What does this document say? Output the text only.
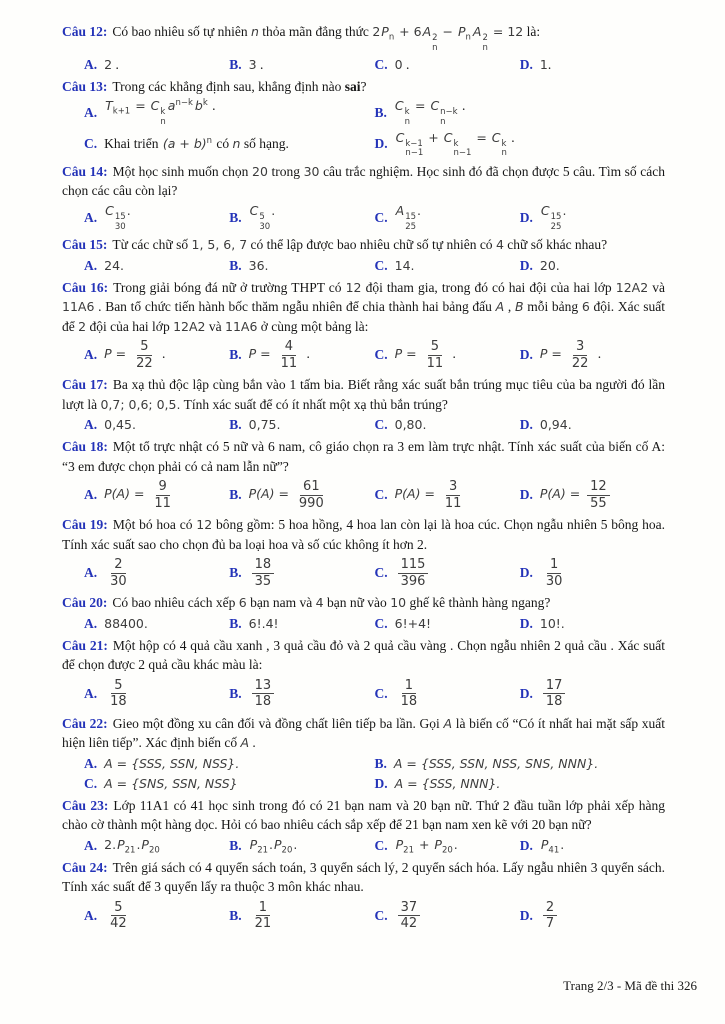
Câu 12: Có bao nhiêu số tự nhiên n thỏa mãn đẳng thức $2P_n + 6A$ 2
n
− $P_n$ A 2
n
= 12 là:
A. 2 .	B. 3 .	C. 0 .	D. 1.
Câu 13: Trong các khẳng định sau, khẳng định nào sai?
A. $T_{k+1} = C$ k
n
$a^{n-k}$ $b^k$ .	B. C k
n
= C n−k
n
.
C. Khai triển $(a + b)^n$ có n số hạng.	D. C k−1
n−1
+ C k
n−1
= C k
n
.
Câu 14: Một học sinh muốn chọn 20 trong 30 câu trắc nghiệm. Học sinh đó đã chọn được 5 câu. Tìm số cách chọn các câu còn lại?
A. C 15
30
.	B. C 5
30
.	C. A 15
25
.	D. C 15
25
.
Câu 15: Từ các chữ số 1, 5, 6, 7 có thể lập được bao nhiêu chữ số tự nhiên có 4 chữ số khác nhau?
A. 24.	B. 36.	C. 14.	D. 20.
Câu 16: Trong giải bóng đá nữ ở trường THPT có 12 đội tham gia, trong đó có hai đội của hai lớp 12A2 và 11A6 . Ban tổ chức tiến hành bốc thăm ngẫu nhiên để chia thành hai bảng đấu A , B mỗi bảng 6 đội. Xác suất để 2 đội của hai lớp 12A2 và 11A6 ở cùng một bảng là:
A. $P = \frac{5}{22}$ .	B. $P = \frac{4}{11}$ .	C. $P = \frac{5}{11}$ .	D. $P = \frac{3}{22}$ .
Câu 17: Ba xạ thủ độc lập cùng bắn vào 1 tấm bia. Biết rằng xác suất bắn trúng mục tiêu của ba người đó lần lượt là 0,7; 0,6; 0,5. Tính xác suất để có ít nhất một xạ thủ bắn trúng?
A. 0,45.	B. 0,75.	C. 0,80.	D. 0,94.
Câu 18: Một tổ trực nhật có 5 nữ và 6 nam, cô giáo chọn ra 3 em làm trực nhật. Tính xác suất của biến cố A: “3 em được chọn phải có cả nam lẫn nữ”?
A. $P(A) = \frac{9}{11}$	B. $P(A) = \frac{61}{990}$	C. $P(A) = \frac{3}{11}$	D. $P(A) = \frac{12}{55}$
Câu 19: Một bó hoa có 12 bông gồm: 5 hoa hồng, 4 hoa lan còn lại là hoa cúc. Chọn ngẫu nhiên 5 bông hoa. Tính xác suất sao cho chọn đủ ba loại hoa và số cúc không ít hơn 2.
A. $\frac{2}{30}$	B. $\frac{18}{35}$	C. $\frac{115}{396}$	D. $\frac{1}{30}$
Câu 20: Có bao nhiêu cách xếp 6 bạn nam và 4 bạn nữ vào 10 ghế kê thành hàng ngang?
A. 88400.	B. 6!.4!	C. 6!+4!	D. 10!.
Câu 21: Một hộp có 4 quả cầu xanh , 3 quả cầu đỏ và 2 quả cầu vàng . Chọn ngẫu nhiên 2 quả cầu . Xác suất để chọn được 2 quả cầu khác màu là:
A. $\frac{5}{18}$	B. $\frac{13}{18}$	C. $\frac{1}{18}$	D. $\frac{17}{18}$
Câu 22: Gieo một đồng xu cân đối và đồng chất liên tiếp ba lần. Gọi A là biến cố “Có ít nhất hai mặt sấp xuất hiện liên tiếp”. Xác định biến cố A .
A. A = {SSS, SSN, NSS}.	B. A = {SSS, SSN, NSS, SNS, NNN}.
C. A = {SNS, SSN, NSS}	D. A = {SSS, NNN}.
Câu 23: Lớp 11A1 có 41 học sinh trong đó có 21 bạn nam và 20 bạn nữ. Thứ 2 đầu tuần lớp phải xếp hàng chào cờ thành một hàng dọc. Hỏi có bao nhiêu cách sắp xếp để 21 bạn nam xen kẽ với 20 bạn nữ?
A. $2.P_{21}.P_{20}$	B. $P_{21}.P_{20}$.	C. $P_{21} + P_{20}$.	D. $P_{41}$.
Câu 24: Trên giá sách có 4 quyển sách toán, 3 quyển sách lý, 2 quyển sách hóa. Lấy ngẫu nhiên 3 quyển sách. Tính xác suất để 3 quyển lấy ra thuộc 3 môn khác nhau.
A. $\frac{5}{42}$	B. $\frac{1}{21}$	C. $\frac{37}{42}$	D. $\frac{2}{7}$
Trang 2/3 - Mã đề thi 326
